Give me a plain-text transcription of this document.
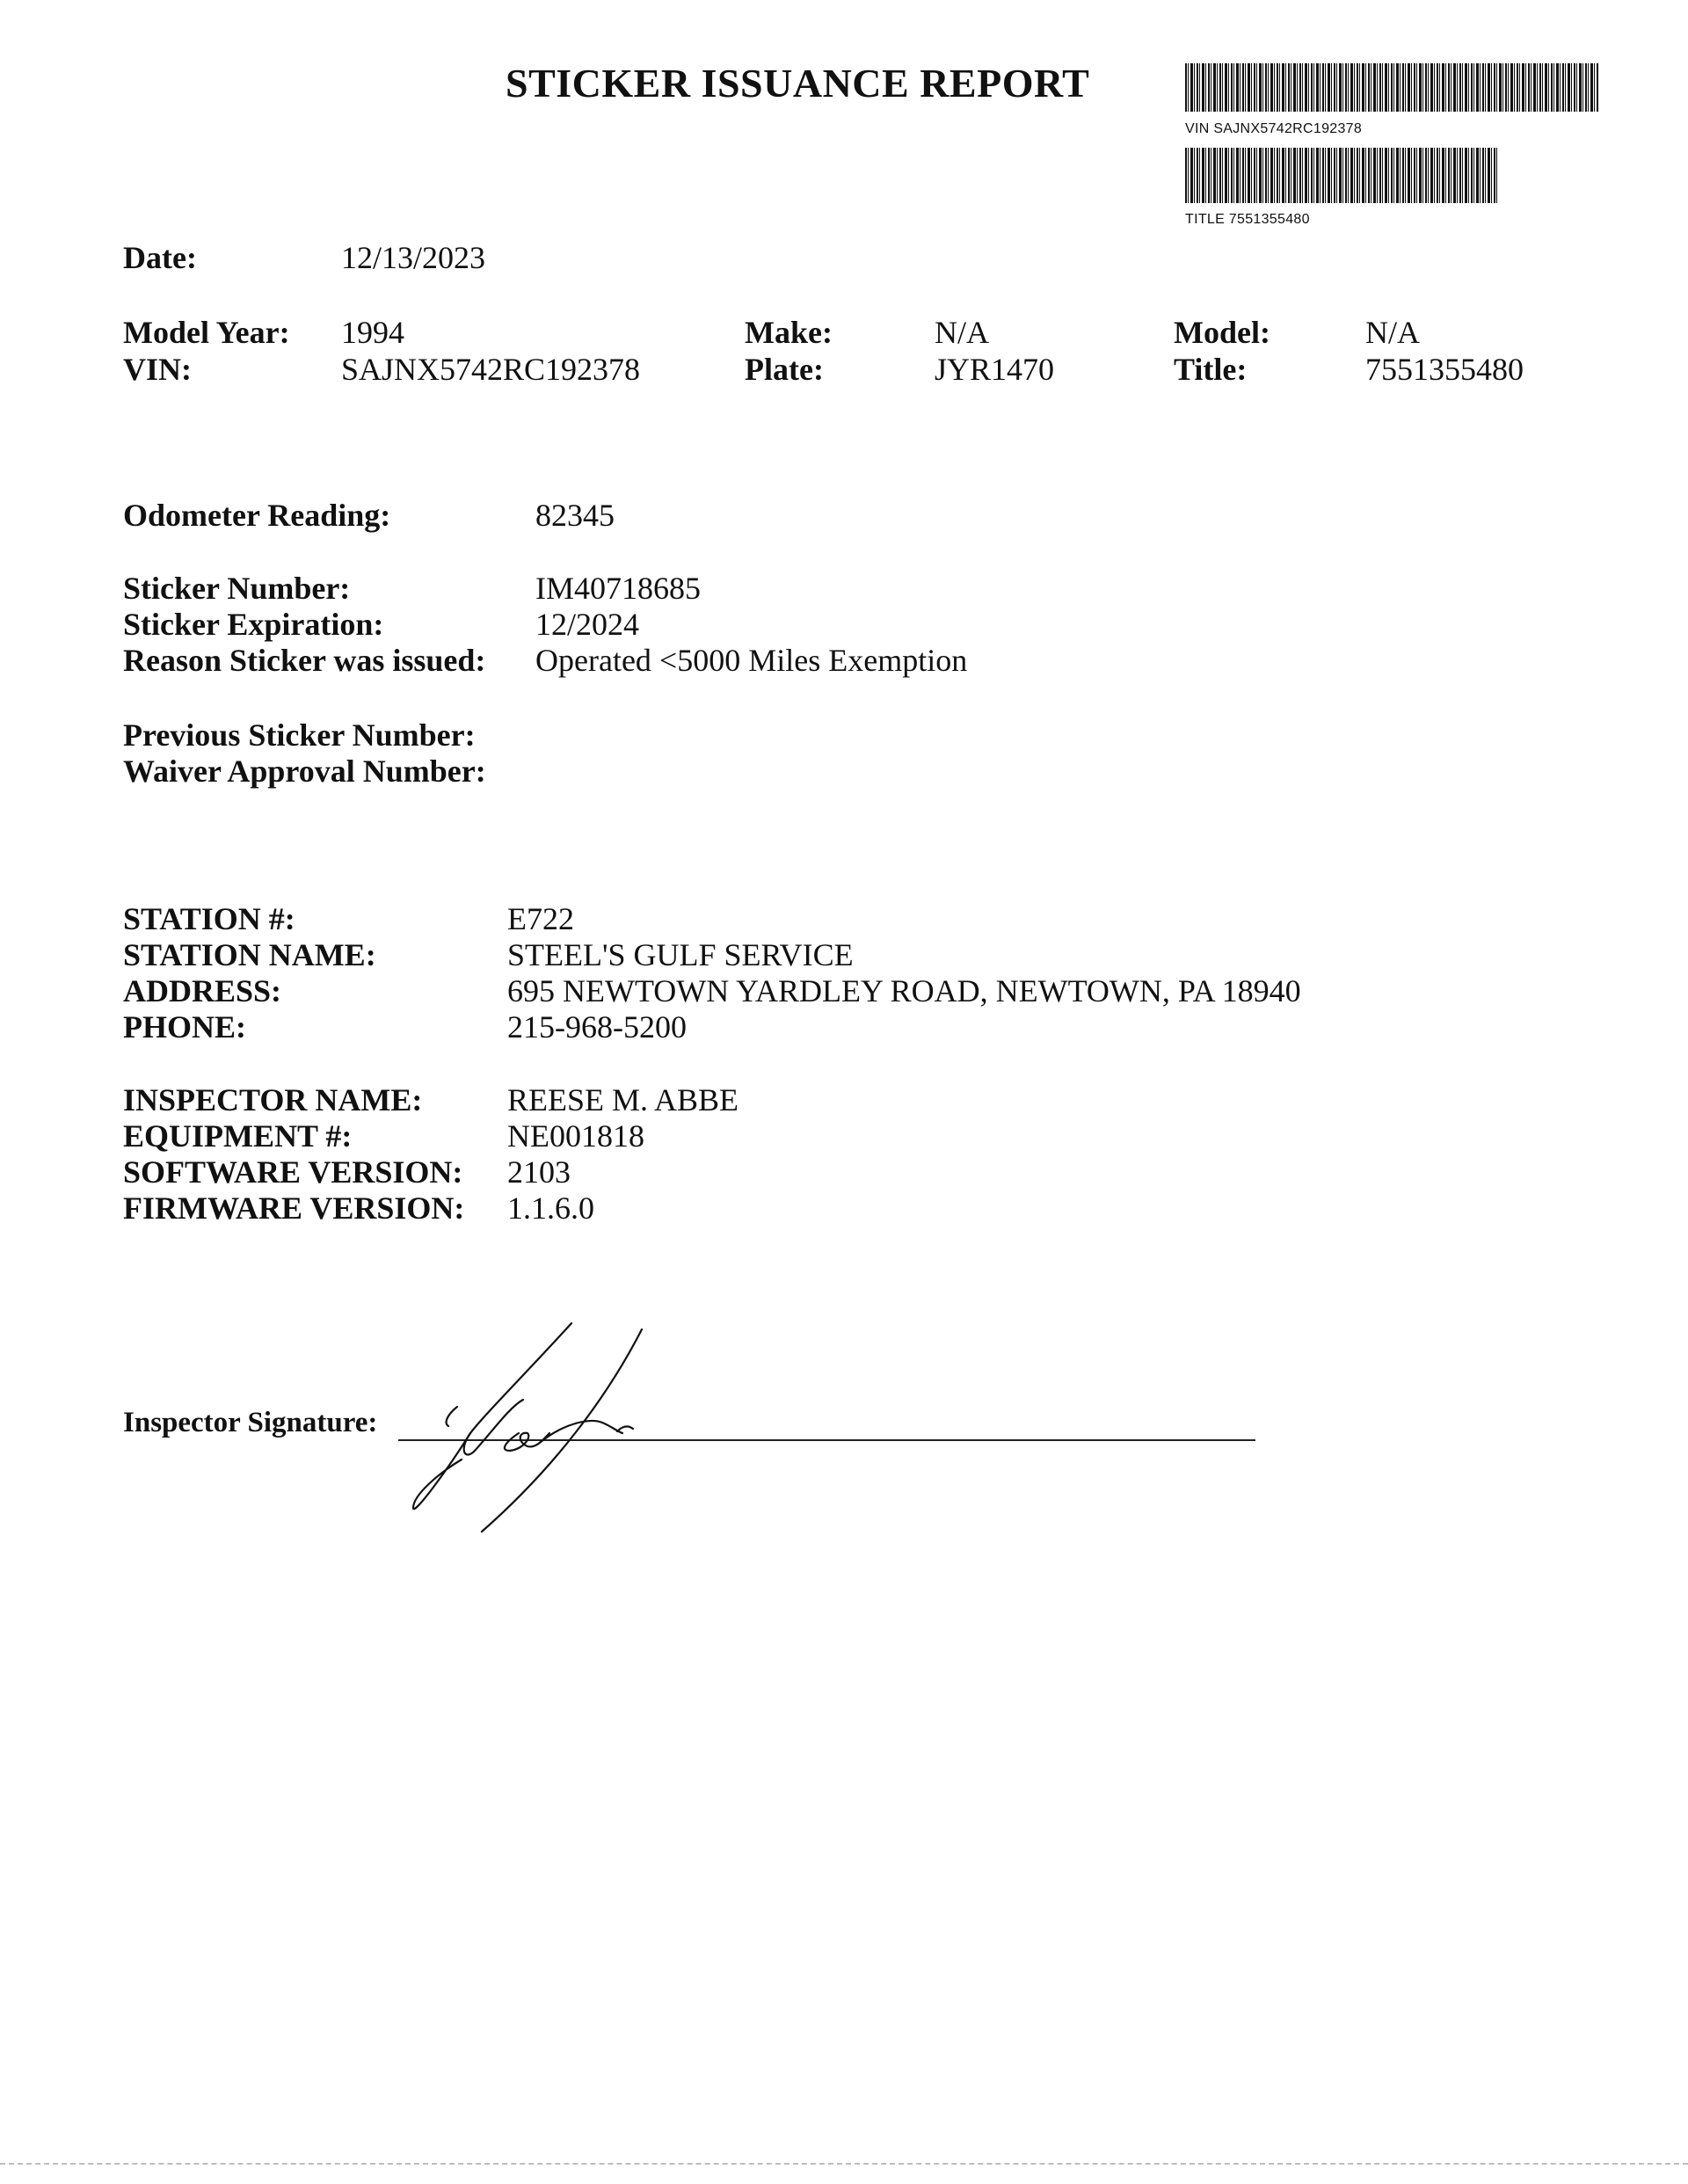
STICKER ISSUANCE REPORT
VIN SAJNX5742RC192378
TITLE 7551355480
Date:	12/13/2023
Model Year: 1994
VIN:	SAJNX5742RC192378
Make:	N/A
Plate:	JYR1470
Model:	N/A
Title:	7551355480
Odometer Reading:	82345
Sticker Number:	IM40718685
Sticker Expiration:	12/2024
Reason Sticker was issued: Operated <5000 Miles Exemption
Previous Sticker Number:
Waiver Approval Number:
STATION #:	E722
STATION NAME:	STEEL'S GULF SERVICE
ADDRESS:	695 NEWTOWN YARDLEY ROAD, NEWTOWN, PA 18940
PHONE:	215-968-5200
INSPECTOR NAME:	REESE M. ABBE
EQUIPMENT #:	NE001818
SOFTWARE VERSION: 2103
FIRMWARE VERSION: 1.1.6.0
Inspector Signature:
